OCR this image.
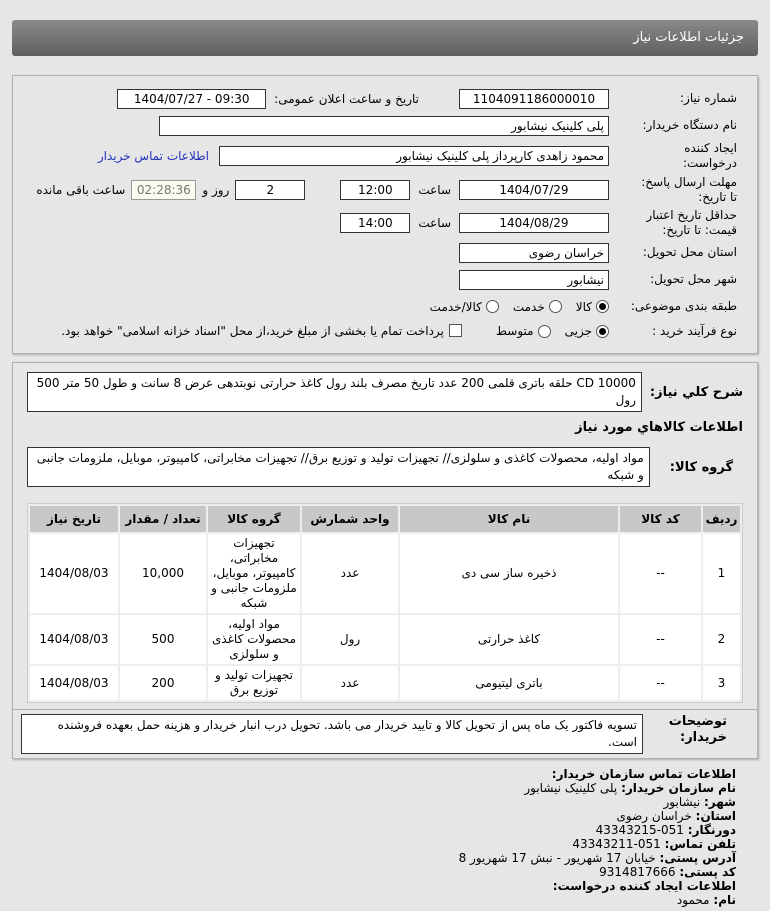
جزئیات اطلاعات نیاز
شماره نیاز:
1104091186000010
تاریخ و ساعت اعلان عمومی:
1404/07/27 - 09:30
نام دستگاه خریدار:
پلی کلینیک نیشابور
ایجاد کننده
درخواست:
محمود زاهدی کارپرداز پلی کلینیک نیشابور
اطلاعات تماس خریدار
مهلت ارسال پاسخ:
تا تاریخ:
1404/07/29
ساعت
12:00
2
روز و
02:28:36
ساعت باقی مانده
حداقل تاریخ اعتبار
قیمت: تا تاریخ:
1404/08/29
ساعت
14:00
استان محل تحویل:
خراسان رضوی
شهر محل تحویل:
نیشابور
طبقه بندی موضوعی:
کالا
خدمت
کالا/خدمت
نوع فرآیند خرید :
جزیی
متوسط
پرداخت تمام یا بخشی از مبلغ خرید،از محل "اسناد خزانه اسلامی" خواهد بود.
شرح کلي نیاز:
CD 10000 حلقه باتری قلمی 200 عدد تاریخ مصرف بلند رول کاغذ حرارتی نوبتدهی عرض 8 سانت و طول 50 متر 500 رول
اطلاعات کالاهاي مورد نیاز
گروه کالا:
مواد اولیه، محصولات کاغذی و سلولزی// تجهیزات تولید و توزیع برق// تجهیزات مخابراتی، کامپیوتر، موبایل، ملزومات جانبی و شبکه
ردیف	کد کالا	نام کالا	واحد شمارش	گروه کالا	تعداد / مقدار	تاریخ نیاز
1	--	ذخیره ساز سی دی	عدد	تجهیزات مخابراتی، کامپیوتر، موبایل، ملزومات جانبی و شبکه	10,000	1404/08/03
2	--	کاغذ حرارتی	رول	مواد اولیه، محصولات کاغذی و سلولزی	500	1404/08/03
3	--	باتری لیتیومی	عدد	تجهیزات تولید و توزیع برق	200	1404/08/03
توضیحات
خریدار:
تسویه فاکتور یک ماه پس از تحویل کالا و تایید خریدار می باشد. تحویل درب انبار خریدار و هزینه حمل بعهده فروشنده است.
اطلاعات تماس سازمان خریدار:
نام سازمان خریدار: پلی کلینیک نیشابور
شهر: نیشابور
استان: خراسان رضوی
دورنگار: 051-43343215
تلفن تماس: 051-43343211
آدرس پستی: خیابان 17 شهریور - نبش 17 شهریور 8
کد پستی: 9314817666
اطلاعات ایجاد کننده درخواست:
نام: محمود
